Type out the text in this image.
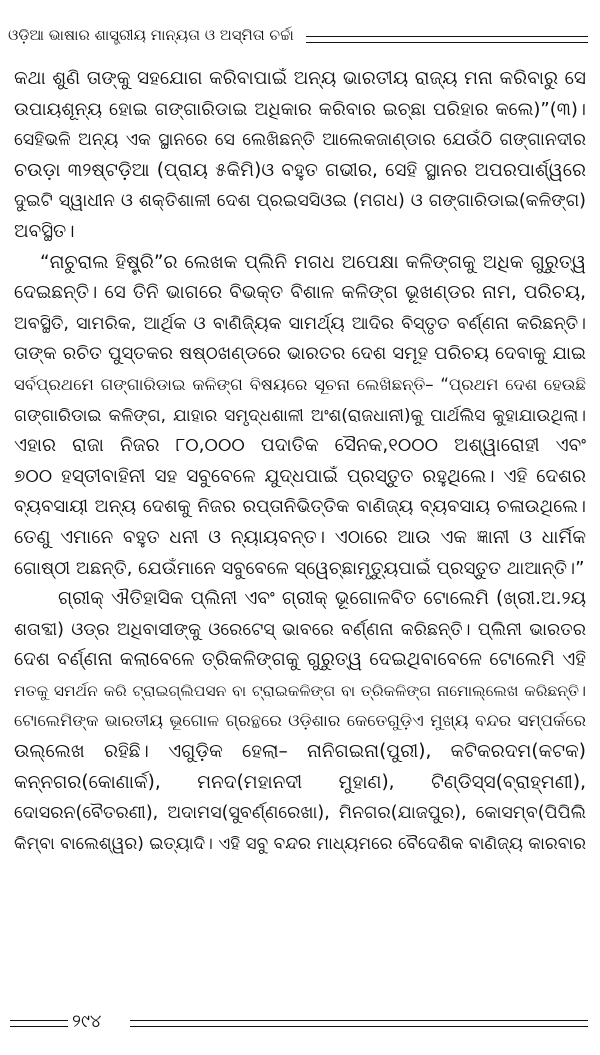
ଓଡ଼ିଆ ଭାଷାର ଶାସ୍ତ୍ରୀୟ ମାନ୍ୟତା ଓ ଅସ୍ମିତା ଚର୍ଚ୍ଚା
କଥା ଶୁଣି ତାଙ୍କୁ ସହଯୋଗ କରିବାପାଇଁ ଅନ୍ୟ ଭାରତୀୟ ରାଜ୍ୟ ମନା କରିବାରୁ ସେ
ଉପାୟଶୂନ୍ୟ ହୋଇ ଗଙ୍ଗାରିଡାଇ ଅଧିକାର କରିବାର ଇଚ୍ଛା ପରିହାର କଲେ)”(୩)।
ସେହିଭଳି ଅନ୍ୟ ଏକ ସ୍ଥାନରେ ସେ ଲେଖିଛନ୍ତି ଆଲେକଜାଣ୍ଡାର ଯେଉଁଠି ଗଙ୍ଗାନଦୀର
ଚଉଡ଼ା ୩୨ଷ୍ଟଡ଼ିଆ (ପ୍ରାୟ ୫କିମି)ଓ ବହୁତ ଗଭୀର, ସେହି ସ୍ଥାନର ଅପରପାର୍ଶ୍ୱରେ
ଦୁଇଟି ସ୍ୱାଧୀନ ଓ ଶକ୍ତିଶାଳୀ ଦେଶ ପ୍ରଇସସିଓଇ (ମଗଧ) ଓ ଗଙ୍ଗାରିଡାଇ(କଳିଙ୍ଗ)
ଅବସ୍ଥିତ।
“ନାଚୁରାଲ ହିଷ୍ଟ୍ରି”ର ଲେଖକ ପ୍ଲିନି ମଗଧ ଅପେକ୍ଷା କଳିଙ୍ଗକୁ ଅଧିକ ଗୁରୁତ୍ୱ
ଦେଇଛନ୍ତି। ସେ ତିନି ଭାଗରେ ବିଭକ୍ତ ବିଶାଳ କଳିଙ୍ଗ ଭୂଖଣ୍ଡର ନାମ, ପରିଚୟ,
ଅବସ୍ଥିତି, ସାମରିକ, ଆର୍ଥିକ ଓ ବାଣିଜ୍ୟିକ ସାମର୍ଥ୍ୟ ଆଦିର ବିସ୍ତୃତ ବର୍ଣ୍ଣନା କରିଛନ୍ତି।
ତାଙ୍କ ରଚିତ ପୁସ୍ତକର ଷଷ୍ଠଖଣ୍ଡରେ ଭାରତର ଦେଶ ସମୂହ ପରିଚୟ ଦେବାକୁ ଯାଇ
ସର୍ବପ୍ରଥମେ ଗଙ୍ଗାରିଡାଇ କଳିଙ୍ଗ ବିଷୟରେ ସୂଚନା ଲେଖିଛନ୍ତି– “ପ୍ରଥମ ଦେଶ ହେଉଛି
ଗଙ୍ଗାରିଡାଇ କଳିଙ୍ଗ, ଯାହାର ସମୃଦ୍ଧଶାଳୀ ଅଂଶ(ରାଜଧାନୀ)କୁ ପାର୍ଥଲିସ କୁହାଯାଉଥିଲା।
ଏହାର ରାଜା ନିଜର ୮୦,୦୦୦ ପଦାତିକ ସୈନକ,୧୦୦୦ ଅଶ୍ୱାରୋହୀ ଏବଂ
୭୦୦ ହସ୍ତୀବାହିନୀ ସହ ସବୁବେଳେ ଯୁଦ୍ଧପାଇଁ ପ୍ରସ୍ତୁତ ରହୁଥିଲେ। ଏହି ଦେଶର
ବ୍ୟବସାୟୀ ଅନ୍ୟ ଦେଶକୁ ନିଜର ରପ୍ତାନିଭିତ୍ତିକ ବାଣିଜ୍ୟ ବ୍ୟବସାୟ ଚଳାଉଥିଲେ।
ତେଣୁ ଏମାନେ ବହୁତ ଧନୀ ଓ ନ୍ୟାୟବନ୍ତ। ଏଠାରେ ଆଉ ଏକ ଜ୍ଞାନୀ ଓ ଧାର୍ମିକ
ଗୋଷ୍ଠୀ ଅଛନ୍ତି, ଯେଉଁମାନେ ସବୁବେଳେ ସ୍ୱେଚ୍ଛାମୃତ୍ୟୁପାଇଁ ପ୍ରସ୍ତୁତ ଥାଆନ୍ତି।”
ଗ୍ରୀକ୍ ଐତିହାସିକ ପ୍ଲିନୀ ଏବଂ ଗ୍ରୀକ୍ ଭୂଗୋଳବିତ ଟୋଲେମି (ଖ୍ରୀ.ଅ.୨ୟ
ଶତାବ୍ଦୀ) ଓଡ୍ର ଅଧିବାସୀଙ୍କୁ ଓରେଟେସ୍ ଭାବରେ ବର୍ଣ୍ଣନା କରିଛନ୍ତି। ପ୍ଲିନୀ ଭାରତର
ଦେଶ ବର୍ଣ୍ଣନା କଲାବେଳେ ତ୍ରିକଳିଙ୍ଗକୁ ଗୁରୁତ୍ୱ ଦେଇଥିବାବେଳେ ଟୋଲେମି ଏହି
ମତକୁ ସମର୍ଥନ କରି ଟ୍ରାଇଗ୍ଲିପସନ ବା ଟ୍ରାଇକଳିଙ୍ଗ ବା ତ୍ରିକଳିଙ୍ଗ ନାମୋଲ୍ଲେଖ କରିଛନ୍ତି।
ଟୋଲେମିଙ୍କ ଭାରତୀୟ ଭୂଗୋଳ ଗ୍ରନ୍ଥରେ ଓଡ଼ିଶାର କେତେଗୁଡ଼ିଏ ମୁଖ୍ୟ ବନ୍ଦର ସମ୍ପର୍କରେ
ଉଲ୍ଲେଖ ରହିଛି। ଏଗୁଡ଼ିକ ହେଲା– ନାନିଗଇନା(ପୁରୀ), କଟିକରଦମ(କଟକ)
କନ୍ନଗର(କୋଣାର୍କ), ମନଦ(ମହାନଦୀ ମୁହାଣ), ଟିଣ୍ଡିସ୍ସ(ବ୍ରାହ୍ମଣୀ),
ଦୋସରନ(ବୈତରଣୀ), ଅଦାମସ(ସୁବର୍ଣ୍ଣରେଖା), ମିନଗର(ଯାଜପୁର), କୋସମ୍ବ(ପିପିଲି
କିମ୍ବା ବାଲେଶ୍ୱର) ଇତ୍ୟାଦି। ଏହି ସବୁ ବନ୍ଦର ମାଧ୍ୟମରେ ବୈଦେଶିକ ବାଣିଜ୍ୟ କାରବାର
୨୯୪
